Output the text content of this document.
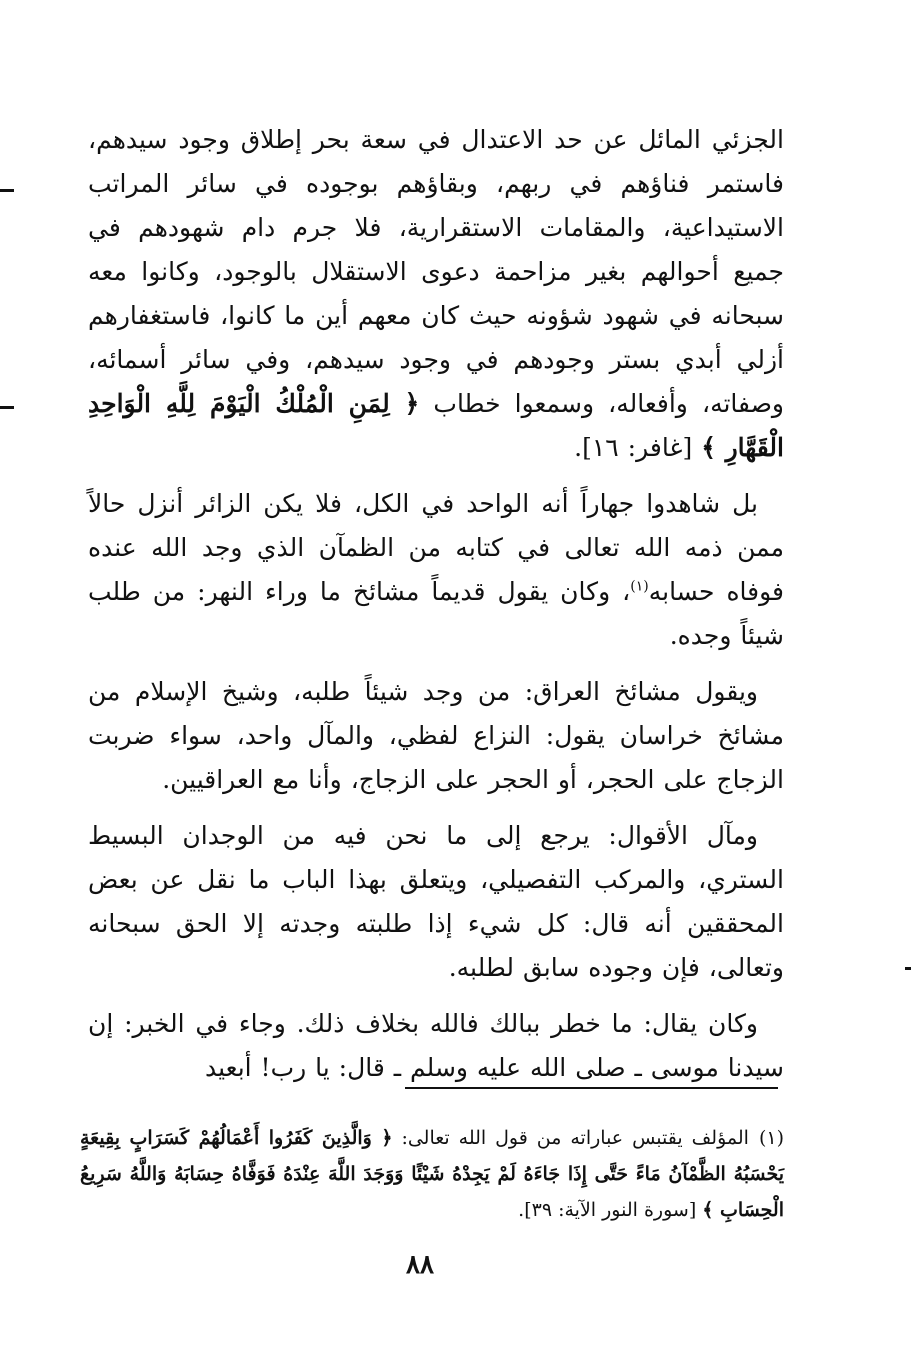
الجزئي المائل عن حد الاعتدال في سعة بحر إطلاق وجود سيدهم، فاستمر فناؤهم في ربهم، وبقاؤهم بوجوده في سائر المراتب الاستيداعية، والمقامات الاستقرارية، فلا جرم دام شهودهم في جميع أحوالهم بغير مزاحمة دعوى الاستقلال بالوجود، وكانوا معه سبحانه في شهود شؤونه حيث كان معهم أين ما كانوا، فاستغفارهم أزلي أبدي بستر وجودهم في وجود سيدهم، وفي سائر أسمائه، وصفاته، وأفعاله، وسمعوا خطاب ﴿ لِمَنِ الْمُلْكُ الْيَوْمَ لِلَّهِ الْوَاحِدِ الْقَهَّارِ ﴾ [غافر: ١٦].

بل شاهدوا جهاراً أنه الواحد في الكل، فلا يكن الزائر أنزل حالاً ممن ذمه الله تعالى في كتابه من الظمآن الذي وجد الله عنده فوفاه حسابه$^{(١)}$، وكان يقول قديماً مشائخ ما وراء النهر: من طلب شيئاً وجده.

ويقول مشائخ العراق: من وجد شيئاً طلبه، وشيخ الإسلام من مشائخ خراسان يقول: النزاع لفظي، والمآل واحد، سواء ضربت الزجاج على الحجر، أو الحجر على الزجاج، وأنا مع العراقيين.

ومآل الأقوال: يرجع إلى ما نحن فيه من الوجدان البسيط الستري، والمركب التفصيلي، ويتعلق بهذا الباب ما نقل عن بعض المحققين أنه قال: كل شيء إذا طلبته وجدته إلا الحق سبحانه وتعالى، فإن وجوده سابق لطلبه.

وكان يقال: ما خطر ببالك فالله بخلاف ذلك. وجاء في الخبر: إن سيدنا موسى ـ صلى الله عليه وسلم ـ قال: يا رب! أبعيد

(١)المؤلف يقتبس عباراته من قول الله تعالى: ﴿ وَالَّذِينَ كَفَرُوا أَعْمَالُهُمْ كَسَرَابٍ بِقِيعَةٍ يَحْسَبُهُ الظَّمْآنُ مَاءً حَتَّى إِذَا جَاءَهُ لَمْ يَجِدْهُ شَيْئًا وَوَجَدَ اللَّهَ عِنْدَهُ فَوَفَّاهُ حِسَابَهُ وَاللَّهُ سَرِيعُ الْحِسَابِ ﴾ [سورة النور الآية: ٣٩].
٨٨
